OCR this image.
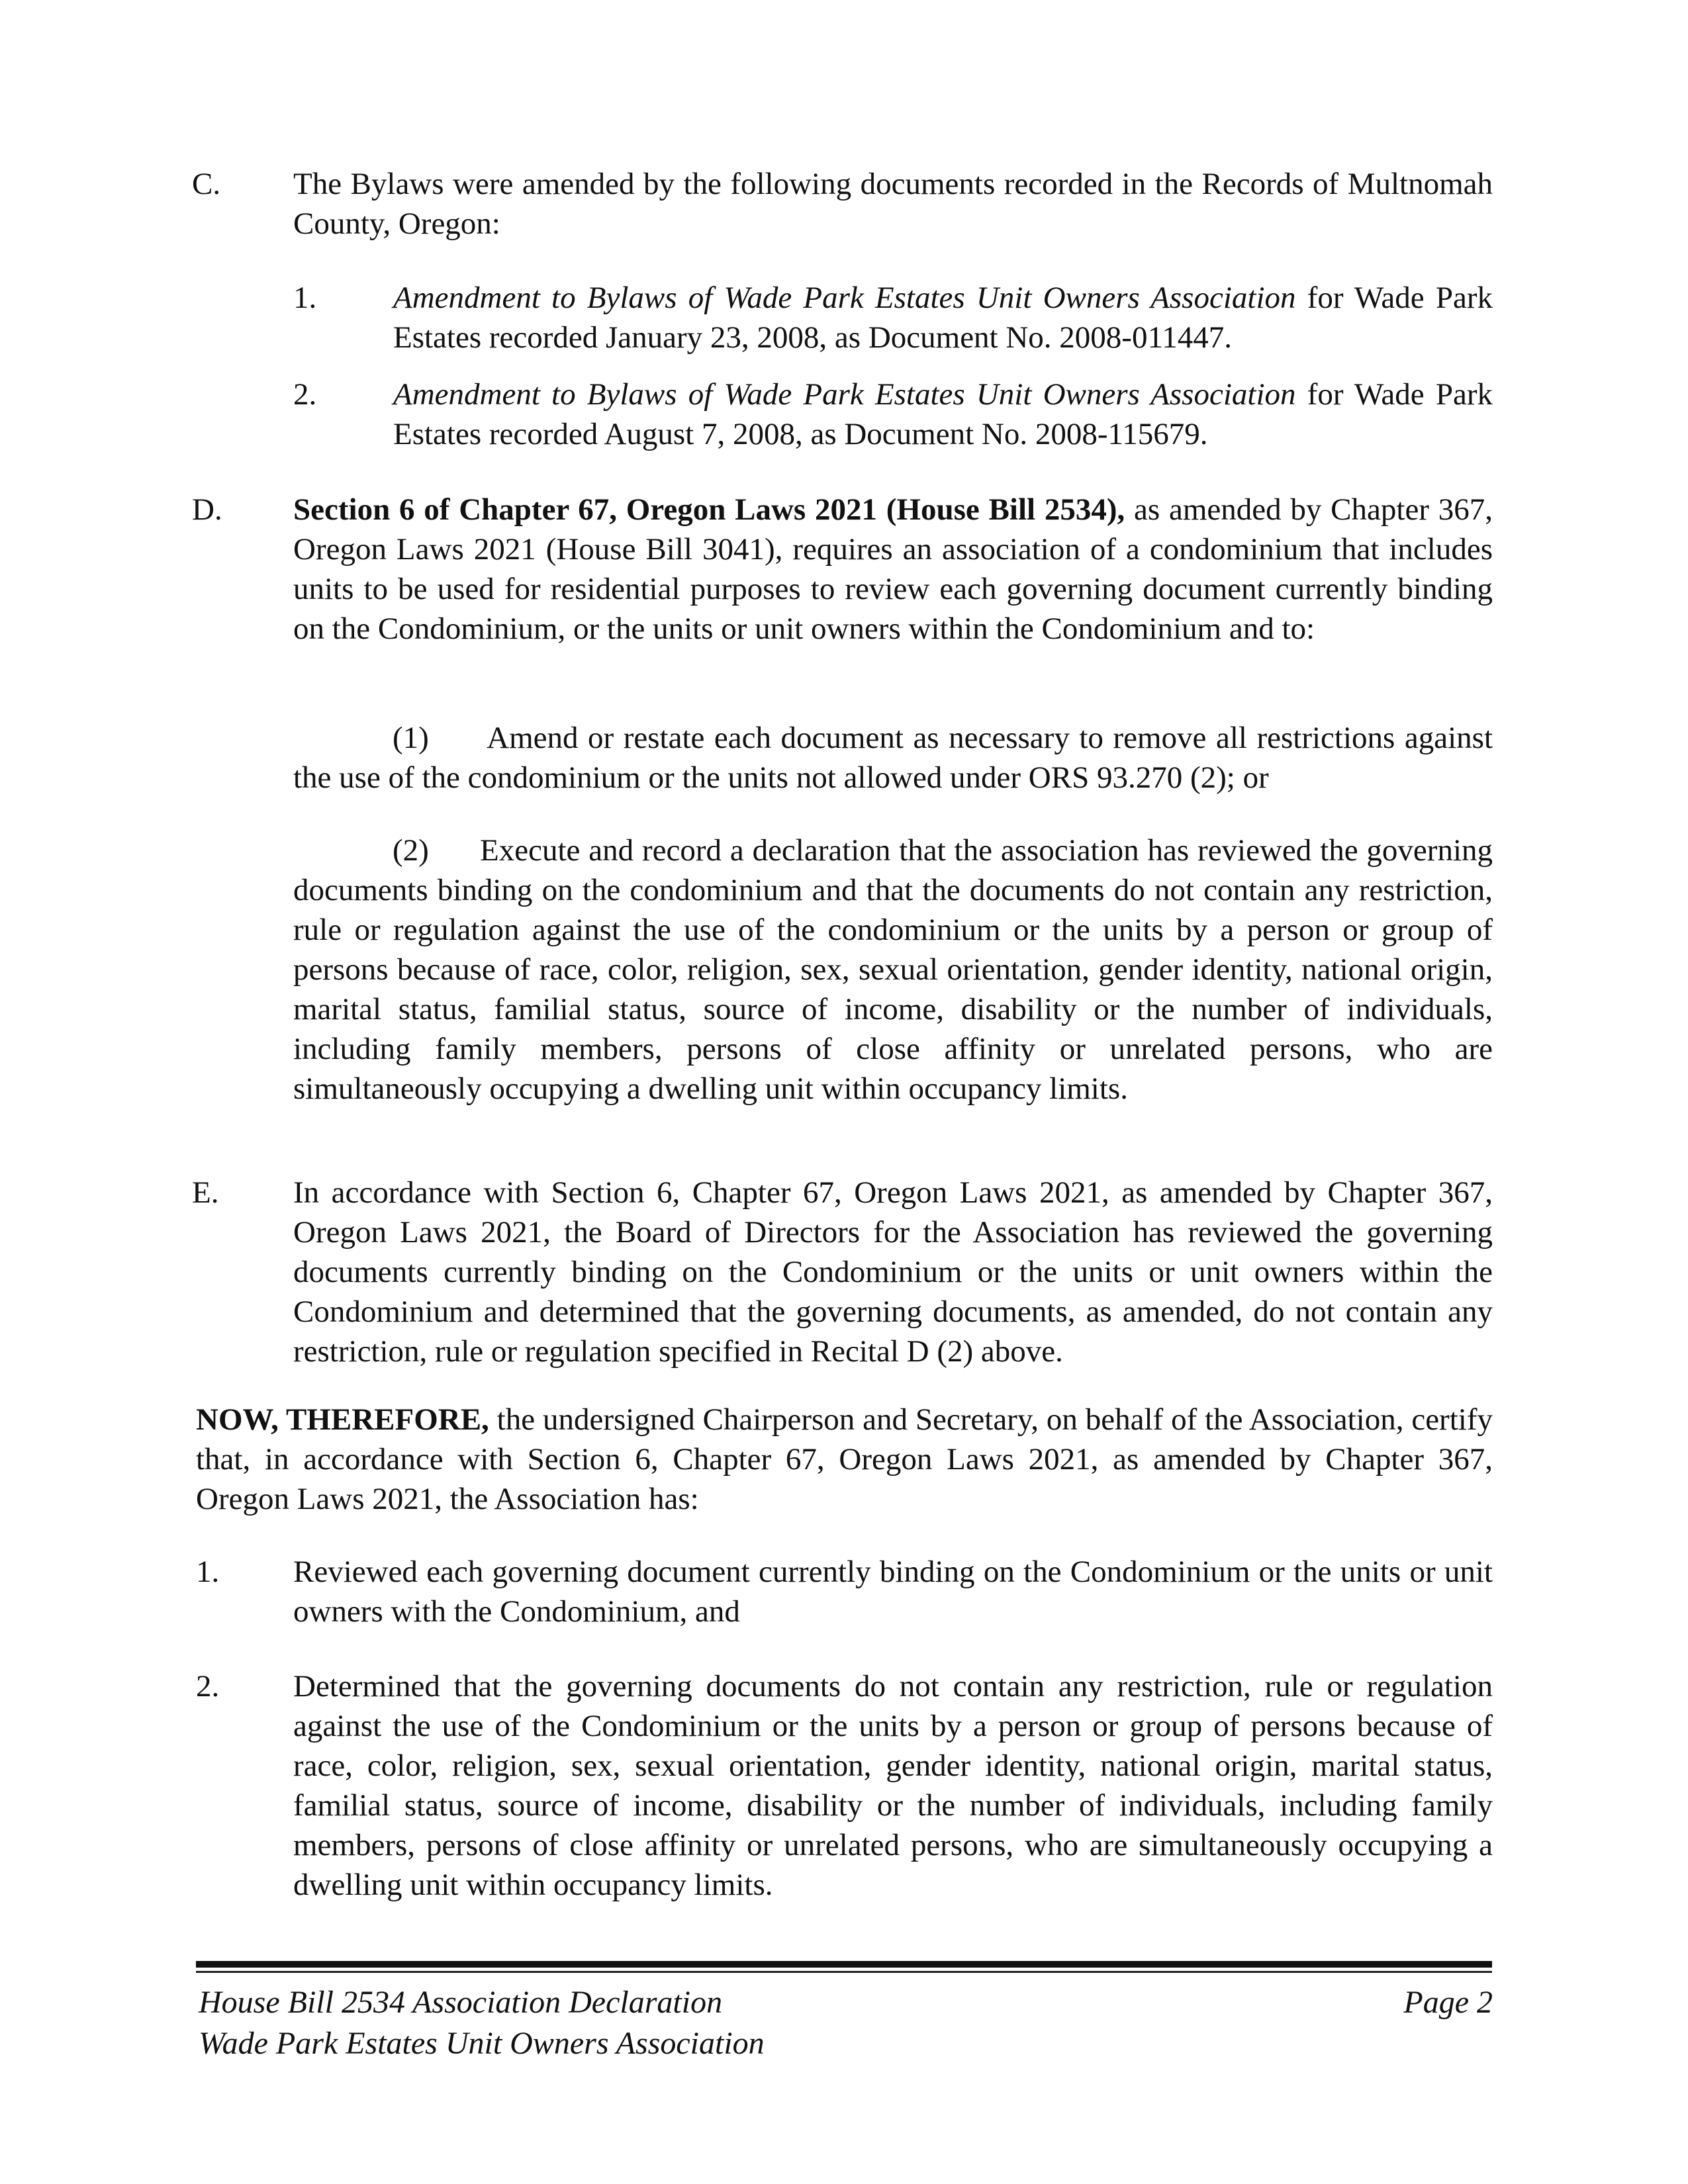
C. The Bylaws were amended by the following documents recorded in the Records of Multnomah County, Oregon:
1. Amendment to Bylaws of Wade Park Estates Unit Owners Association for Wade Park Estates recorded January 23, 2008, as Document No. 2008-011447.
2. Amendment to Bylaws of Wade Park Estates Unit Owners Association for Wade Park Estates recorded August 7, 2008, as Document No. 2008-115679.
D. Section 6 of Chapter 67, Oregon Laws 2021 (House Bill 2534), as amended by Chapter 367, Oregon Laws 2021 (House Bill 3041), requires an association of a condominium that includes units to be used for residential purposes to review each governing document currently binding on the Condominium, or the units or unit owners within the Condominium and to:
(1) Amend or restate each document as necessary to remove all restrictions against the use of the condominium or the units not allowed under ORS 93.270 (2); or
(2) Execute and record a declaration that the association has reviewed the governing documents binding on the condominium and that the documents do not contain any restriction, rule or regulation against the use of the condominium or the units by a person or group of persons because of race, color, religion, sex, sexual orientation, gender identity, national origin, marital status, familial status, source of income, disability or the number of individuals, including family members, persons of close affinity or unrelated persons, who are simultaneously occupying a dwelling unit within occupancy limits.
E. In accordance with Section 6, Chapter 67, Oregon Laws 2021, as amended by Chapter 367, Oregon Laws 2021, the Board of Directors for the Association has reviewed the governing documents currently binding on the Condominium or the units or unit owners within the Condominium and determined that the governing documents, as amended, do not contain any restriction, rule or regulation specified in Recital D (2) above.
NOW, THEREFORE, the undersigned Chairperson and Secretary, on behalf of the Association, certify that, in accordance with Section 6, Chapter 67, Oregon Laws 2021, as amended by Chapter 367, Oregon Laws 2021, the Association has:
1. Reviewed each governing document currently binding on the Condominium or the units or unit owners with the Condominium, and
2. Determined that the governing documents do not contain any restriction, rule or regulation against the use of the Condominium or the units by a person or group of persons because of race, color, religion, sex, sexual orientation, gender identity, national origin, marital status, familial status, source of income, disability or the number of individuals, including family members, persons of close affinity or unrelated persons, who are simultaneously occupying a dwelling unit within occupancy limits.
House Bill 2534 Association Declaration
Wade Park Estates Unit Owners Association
Page 2
